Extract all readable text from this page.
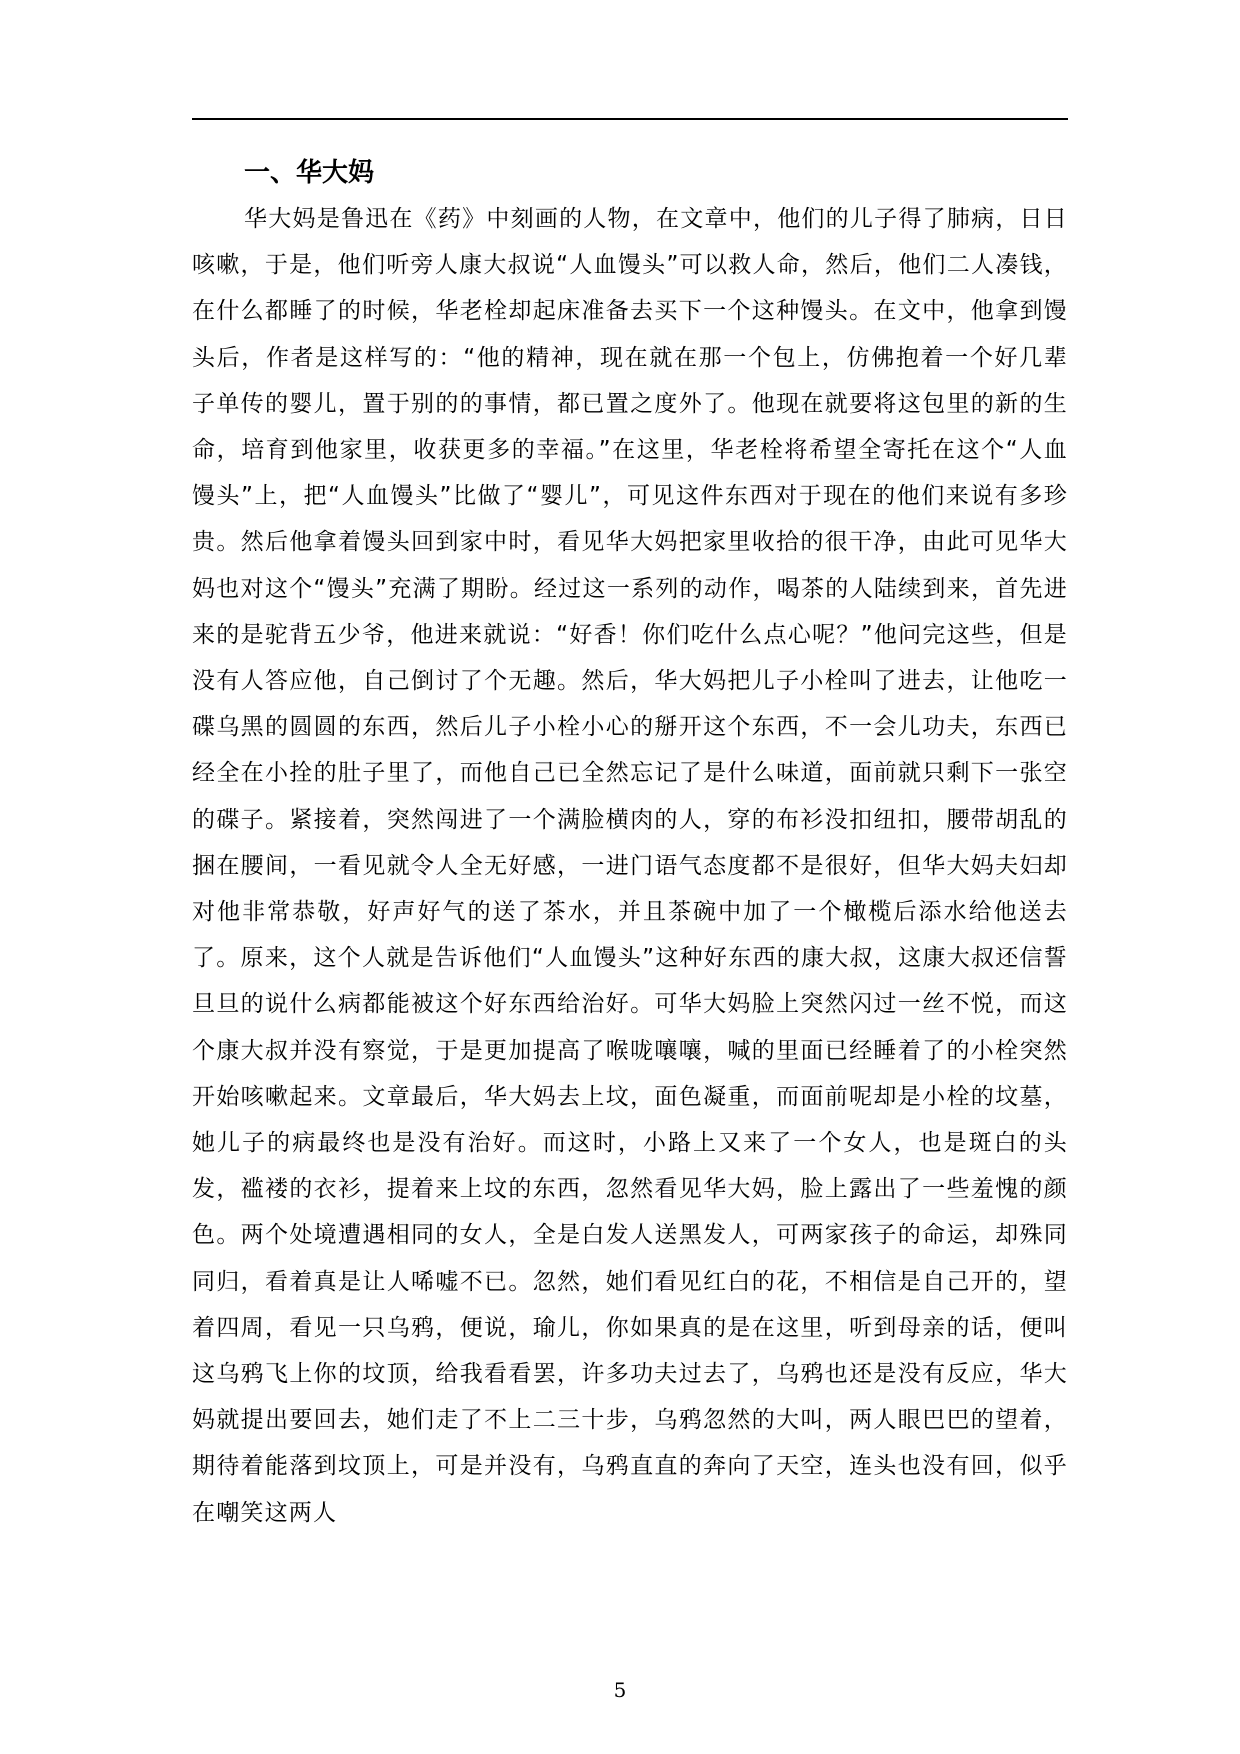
一、华大妈

华大妈是鲁迅在《药》中刻画的人物，在文章中，他们的儿子得了肺病，日日咳嗽，于是，他们听旁人康大叔说“人血馒头”可以救人命，然后，他们二人凑钱，在什么都睡了的时候，华老栓却起床准备去买下一个这种馒头。在文中，他拿到馒头后，作者是这样写的：“他的精神，现在就在那一个包上，仿佛抱着一个好几辈子单传的婴儿，置于别的的事情，都已置之度外了。他现在就要将这包里的新的生命，培育到他家里，收获更多的幸福。”在这里，华老栓将希望全寄托在这个“人血馒头”上，把“人血馒头”比做了“婴儿”，可见这件东西对于现在的他们来说有多珍贵。然后他拿着馒头回到家中时，看见华大妈把家里收拾的很干净，由此可见华大妈也对这个“馒头”充满了期盼。经过这一系列的动作，喝茶的人陆续到来，首先进来的是驼背五少爷，他进来就说：“好香！你们吃什么点心呢？”他问完这些，但是没有人答应他，自己倒讨了个无趣。然后，华大妈把儿子小栓叫了进去，让他吃一碟乌黑的圆圆的东西，然后儿子小栓小心的掰开这个东西，不一会儿功夫，东西已经全在小拴的肚子里了，而他自己已全然忘记了是什么味道，面前就只剩下一张空的碟子。紧接着，突然闯进了一个满脸横肉的人，穿的布衫没扣纽扣，腰带胡乱的捆在腰间，一看见就令人全无好感，一进门语气态度都不是很好，但华大妈夫妇却对他非常恭敬，好声好气的送了茶水，并且茶碗中加了一个橄榄后添水给他送去了。原来，这个人就是告诉他们“人血馒头”这种好东西的康大叔，这康大叔还信誓旦旦的说什么病都能被这个好东西给治好。可华大妈脸上突然闪过一丝不悦，而这个康大叔并没有察觉，于是更加提高了喉咙嚷嚷，喊的里面已经睡着了的小栓突然开始咳嗽起来。文章最后，华大妈去上坟，面色凝重，而面前呢却是小栓的坟墓，她儿子的病最终也是没有治好。而这时，小路上又来了一个女人，也是斑白的头发，褴褛的衣衫，提着来上坟的东西，忽然看见华大妈，脸上露出了一些羞愧的颜色。两个处境遭遇相同的女人，全是白发人送黑发人，可两家孩子的命运，却殊同同归，看着真是让人唏嘘不已。忽然，她们看见红白的花，不相信是自己开的，望着四周，看见一只乌鸦，便说，瑜儿，你如果真的是在这里，听到母亲的话，便叫这乌鸦飞上你的坟顶，给我看看罢，许多功夫过去了，乌鸦也还是没有反应，华大妈就提出要回去，她们走了不上二三十步，乌鸦忽然的大叫，两人眼巴巴的望着，期待着能落到坟顶上，可是并没有，乌鸦直直的奔向了天空，连头也没有回，似乎在嘲笑这两人

5
